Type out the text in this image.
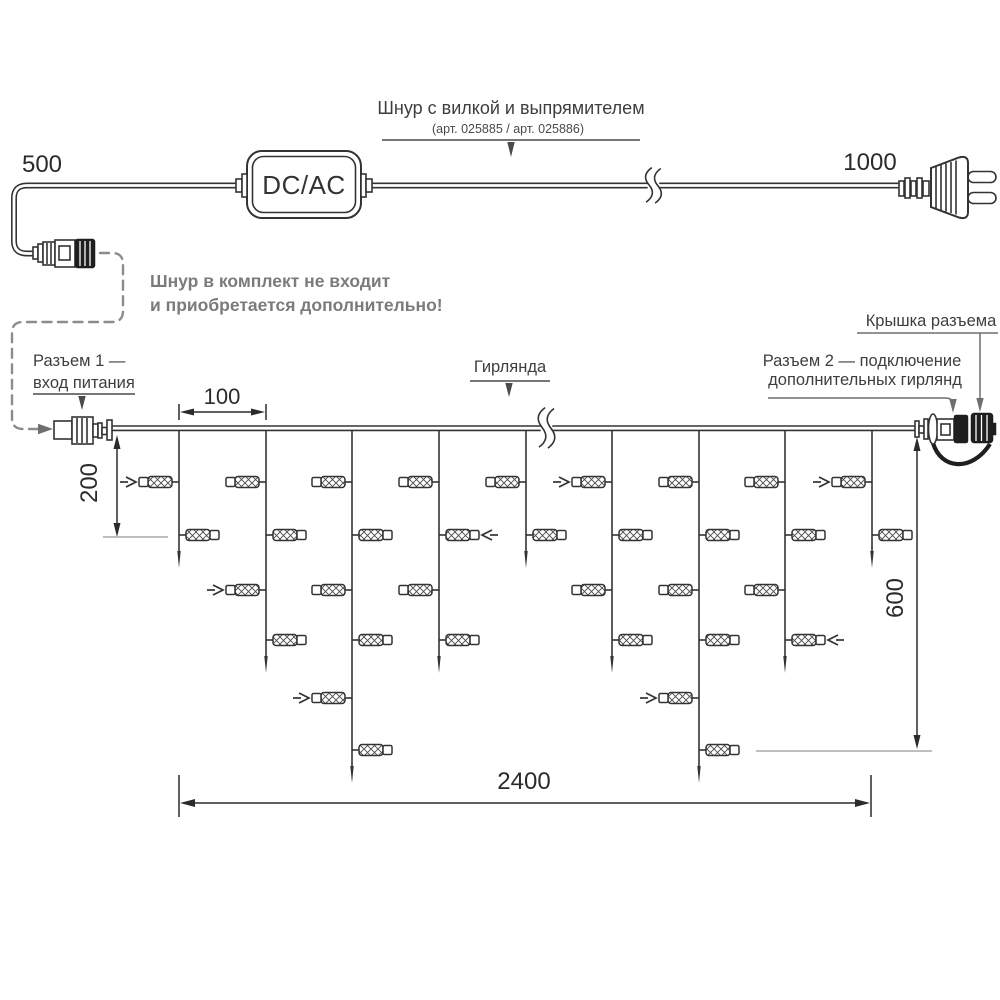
DC/AC
Шнур с вилкой и выпрямителем
(арт. 025885 / арт. 025886)
500	1000
Шнур в комплект не входит
и приобретается дополнительно!
Разъем 1 —
вход питания
Гирлянда
Крышка разъема
Разъем 2 — подключение
дополнительных гирлянд
100
200
600
2400
